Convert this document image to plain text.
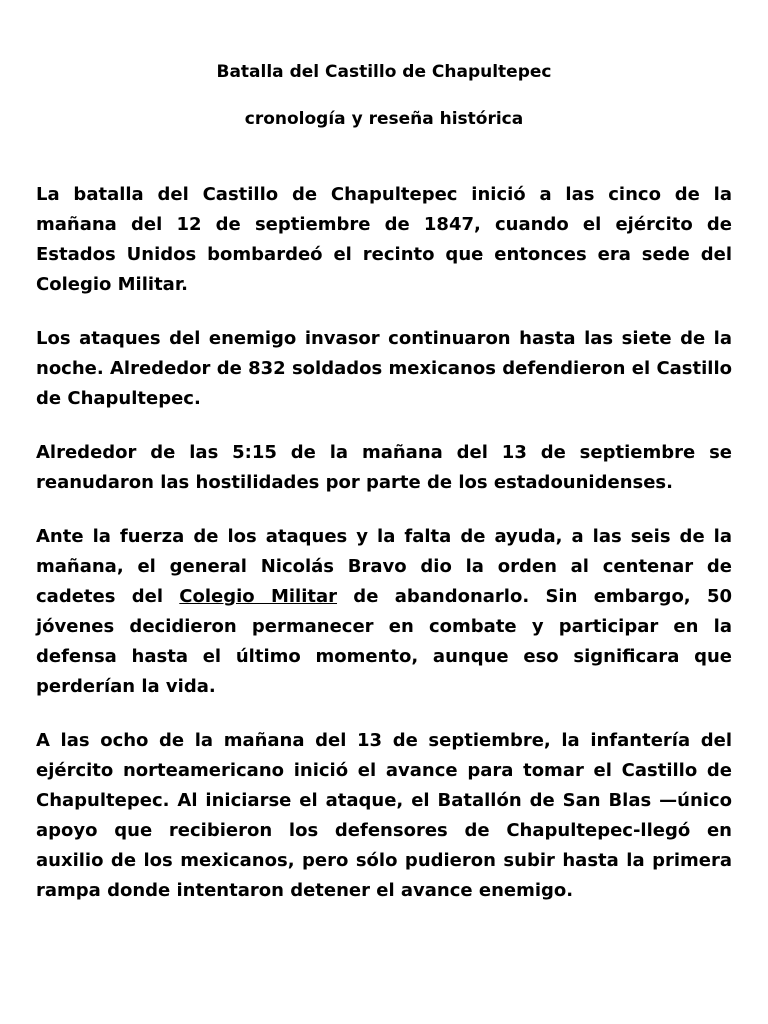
Batalla del Castillo de Chapultepec
cronología y reseña histórica

La batalla del Castillo de Chapultepec inició a las cinco de la mañana del 12 de septiembre de 1847, cuando el ejército de Estados Unidos bombardeó el recinto que entonces era sede del Colegio Militar.

Los ataques del enemigo invasor continuaron hasta las siete de la noche. Alrededor de 832 soldados mexicanos defendieron el Castillo de Chapultepec.

Alrededor de las 5:15 de la mañana del 13 de septiembre se reanudaron las hostilidades por parte de los estadounidenses.

Ante la fuerza de los ataques y la falta de ayuda, a las seis de la mañana, el general Nicolás Bravo dio la orden al centenar de cadetes del Colegio Militar de abandonarlo. Sin embargo, 50 jóvenes decidieron permanecer en combate y participar en la defensa hasta el último momento, aunque eso significara que perderían la vida.

A las ocho de la mañana del 13 de septiembre, la infantería del ejército norteamericano inició el avance para tomar el Castillo de Chapultepec. Al iniciarse el ataque, el Batallón de San Blas —único apoyo que recibieron los defensores de Chapultepec-llegó en auxilio de los mexicanos, pero sólo pudieron subir hasta la primera rampa donde intentaron detener el avance enemigo.
